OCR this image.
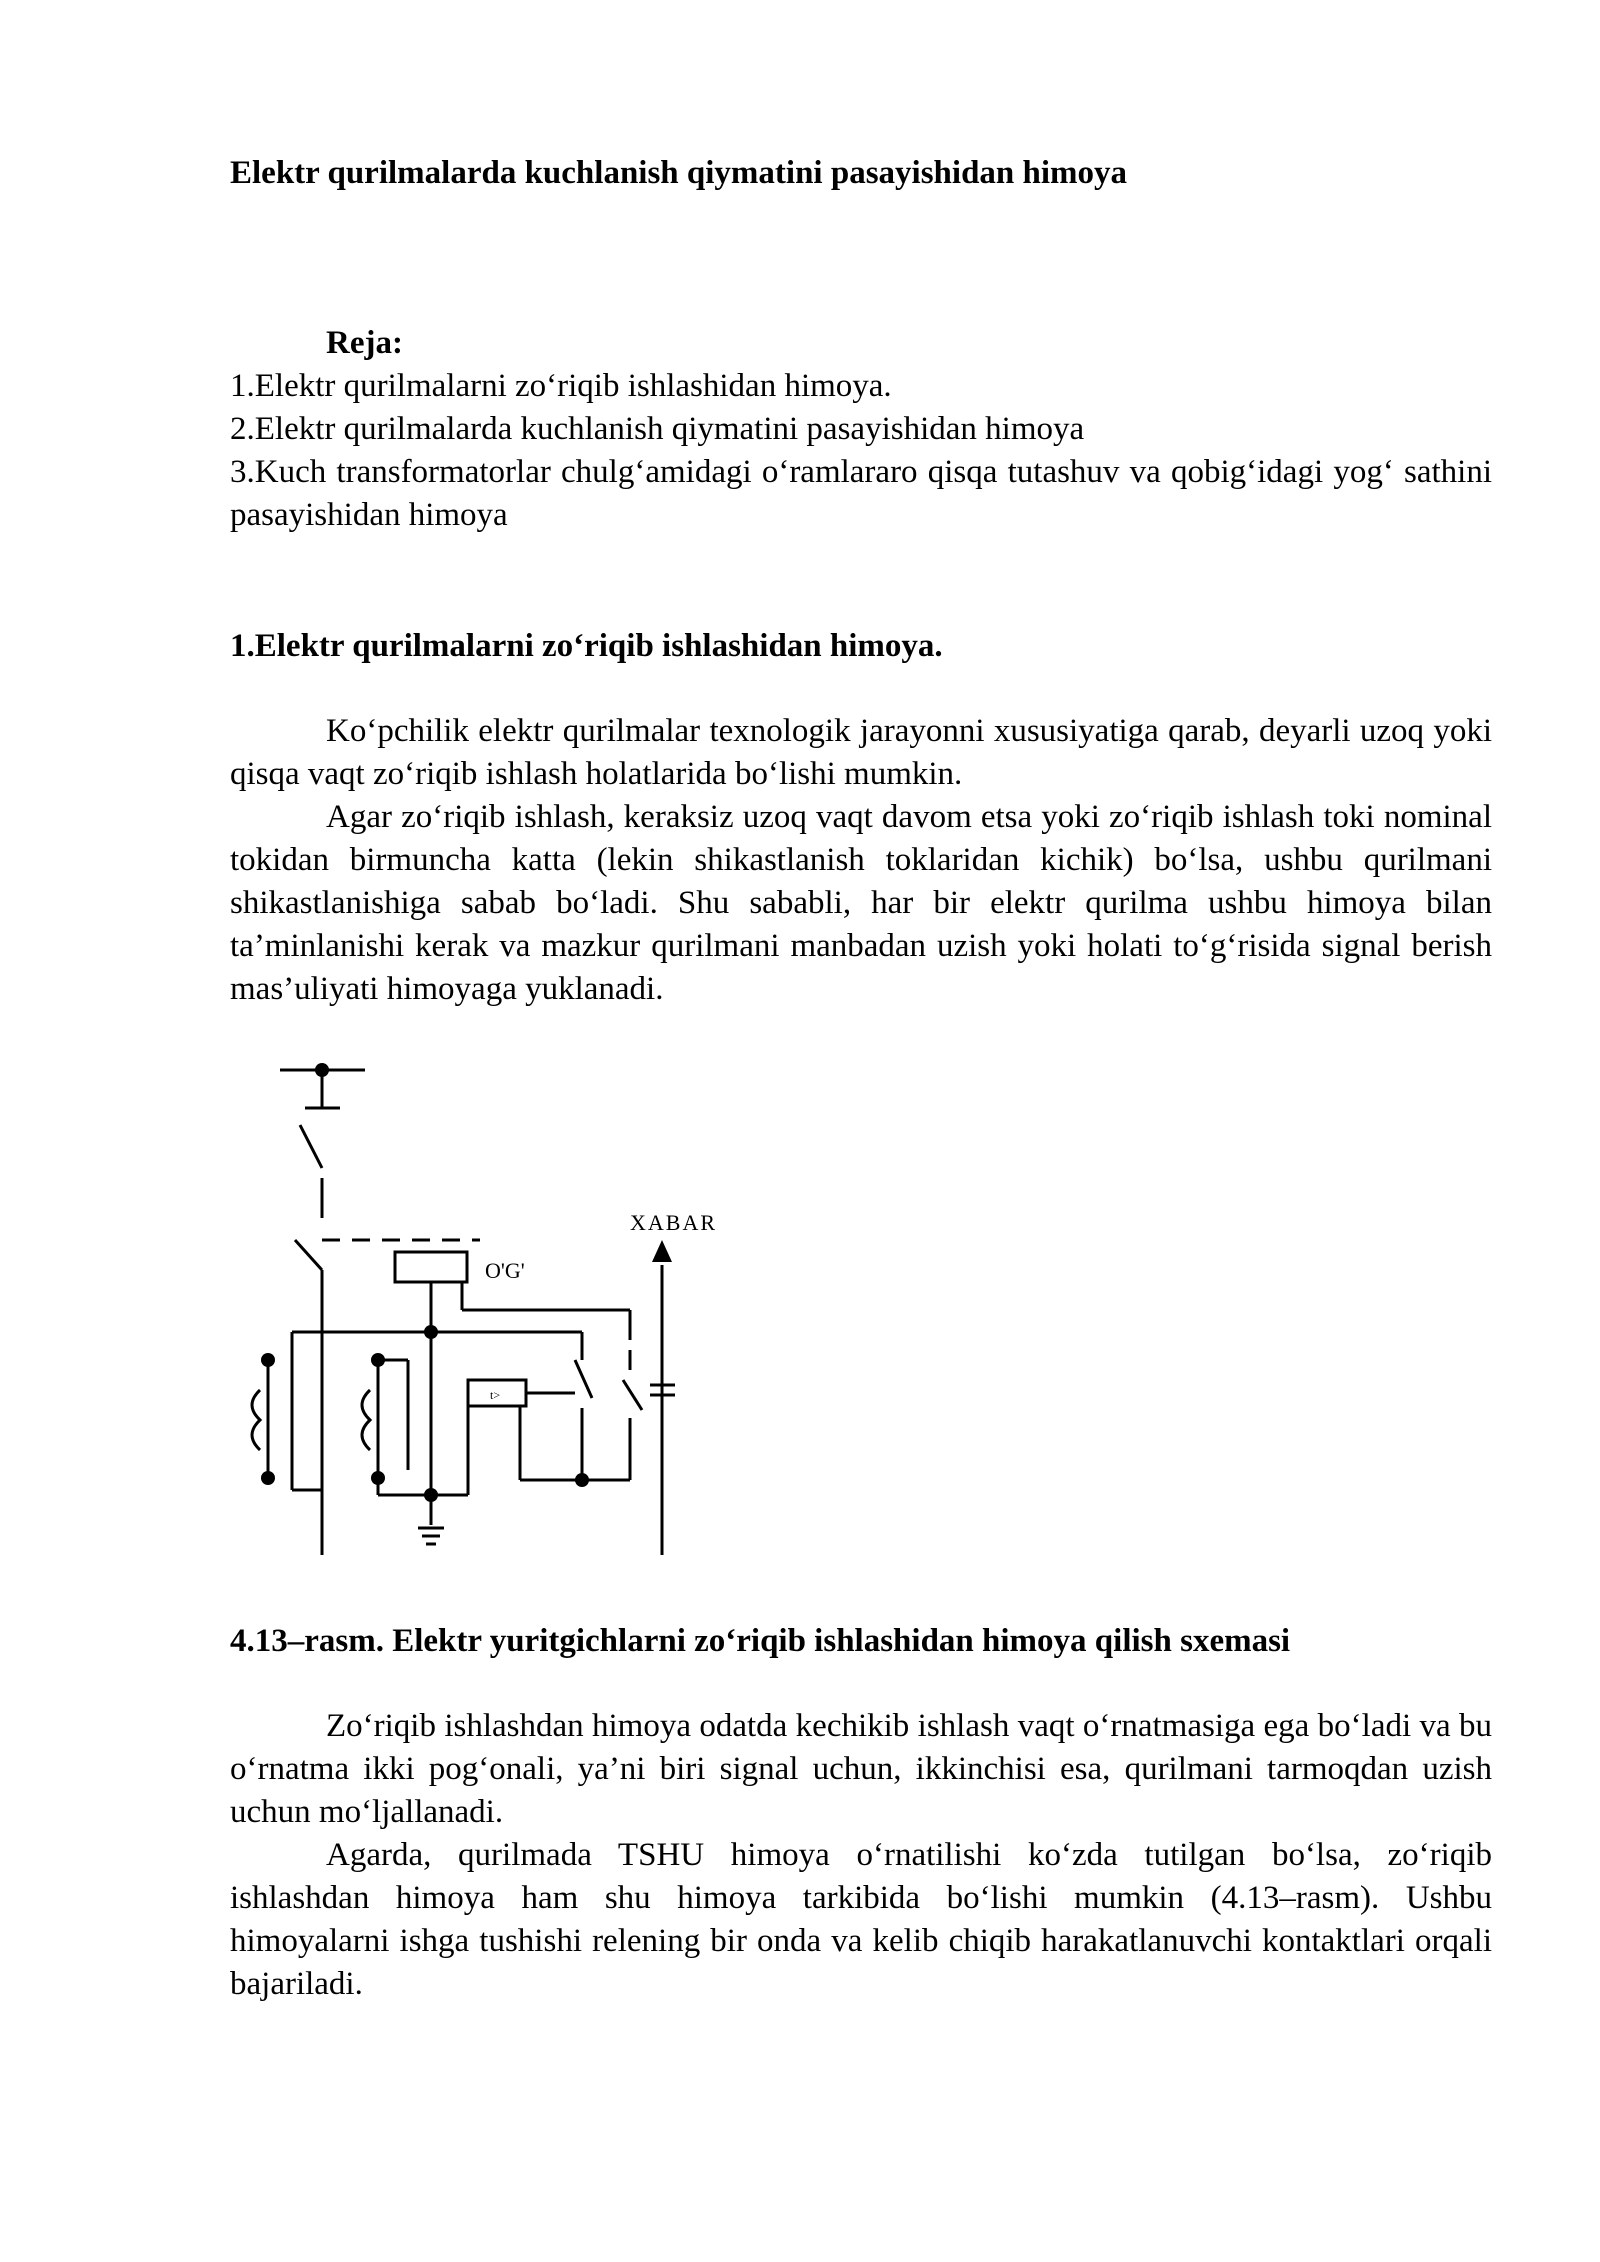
Elektr qurilmalarda kuchlanish qiymatini pasayishidan himoya
Reja:
1.Elektr qurilmalarni zo‘riqib ishlashidan himoya.
2.Elektr qurilmalarda kuchlanish qiymatini pasayishidan himoya
3.Kuch transformatorlar chulg‘amidagi o‘ramlararo qisqa tutashuv va qobig‘idagi yog‘ sathini pasayishidan himoya
1.Elektr qurilmalarni zo‘riqib ishlashidan himoya.

Ko‘pchilik elektr qurilmalar texnologik jarayonni xususiyatiga qarab, deyarli uzoq yoki qisqa vaqt zo‘riqib ishlash holatlarida bo‘lishi mumkin.

Agar zo‘riqib ishlash, keraksiz uzoq vaqt davom etsa yoki zo‘riqib ishlash toki nominal tokidan birmuncha katta (lekin shikastlanish toklaridan kichik) bo‘lsa, ushbu qurilmani shikastlanishiga sabab bo‘ladi. Shu sababli, har bir elektr qurilma ushbu himoya bilan ta’minlanishi kerak va mazkur qurilmani manbadan uzish yoki holati to‘g‘risida signal berish mas’uliyati himoyaga yuklanadi.

XABAR
O'G'
t>
4.13–rasm. Elektr yuritgichlarni zo‘riqib ishlashidan himoya qilish sxemasi

Zo‘riqib ishlashdan himoya odatda kechikib ishlash vaqt o‘rnatmasiga ega bo‘ladi va bu o‘rnatma ikki pog‘onali, ya’ni biri signal uchun, ikkinchisi esa, qurilmani tarmoqdan uzish uchun mo‘ljallanadi.

Agarda, qurilmada TSHU himoya o‘rnatilishi ko‘zda tutilgan bo‘lsa, zo‘riqib ishlashdan himoya ham shu himoya tarkibida bo‘lishi mumkin (4.13–rasm). Ushbu himoyalarni ishga tushishi relening bir onda va kelib chiqib harakatlanuvchi kontaktlari orqali bajariladi.
